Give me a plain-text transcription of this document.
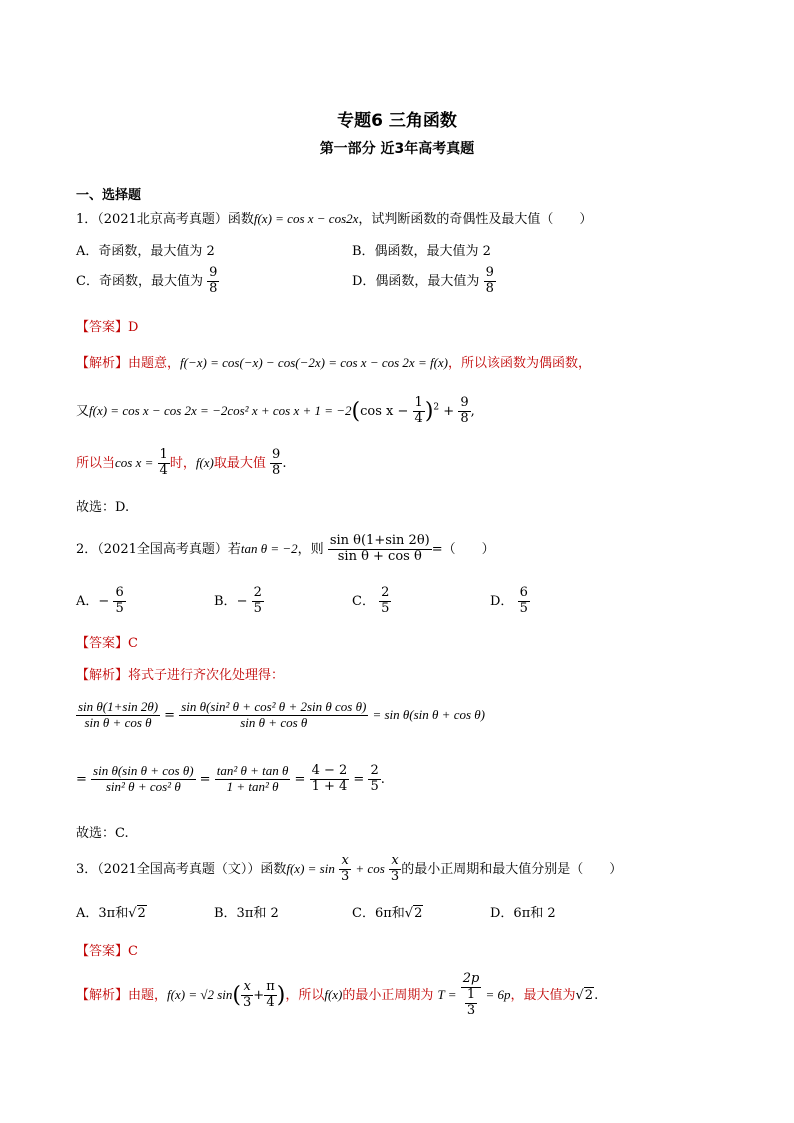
专题6 三角函数
第一部分 近3年高考真题
一、选择题
1．（2021北京高考真题）函数f(x) = cos x − cos2x，试判断函数的奇偶性及最大值（　　）
A．奇函数，最大值为 2	B．偶函数，最大值为 2
C．奇函数，最大值为 $\frac{9}{8}$	D．偶函数，最大值为 $\frac{9}{8}$
【答案】D
【解析】由题意，f(−x) = cos(−x) − cos(−2x) = cos x − cos 2x = f(x)，所以该函数为偶函数，
又f(x) = cos x − cos 2x = −2cos² x + cos x + 1 = −2(cos $x - \frac{1}{4} )^2 + \frac{9}{8}$ ,
所以当$\cos x = \frac{1}{4}$ 时，f(x)取最大值 $\frac{9}{8}$ .
故选：D.
2．（2021全国高考真题）若tan θ = −2，则 $\frac{\text{sin θ(1+sin 2θ)}}{\text{sin θ + cos θ}}$ =（　　）
A．− $\frac{6}{5}$	B．− $\frac{2}{5}$	C． $\frac{2}{5}$	D． $\frac{6}{5}$
【答案】C
【解析】将式子进行齐次化处理得：
$\frac{\text{sin θ(1+sin 2θ)}}{\text{sin θ + cos θ}} = \frac{\text{sin θ(sin² θ + cos² θ + 2sin θ cos θ)}}{\text{sin θ + cos θ}} = \sin \theta(\sin$ θ + cos θ)
= $\frac{\text{sin θ(sin θ + cos θ)}}{\text{sin² θ + cos² θ}} = \frac{\text{tan² θ + tan θ}}{\text{1 + tan² θ}} = \frac{4 - 2}{1 + 4} = \frac{2}{5}$ .
故选：C.
3．（2021全国高考真题（文））函数$f(x) = \sin \frac{x}{3} + \cos \frac{x}{3}$ 的最小正周期和最大值分别是（　　）
A．3π和√2	B．3π和 2	C．6π和√2	D．6π和 2
【答案】C
【解析】由题，f(x) = √2 $\sin( \frac{x}{3} + \frac{\pi}{4}$ )，所以f(x)的最小正周期为 $T = \frac{2p}{\frac{1}{3}} = 6p$，最大值为√2.
